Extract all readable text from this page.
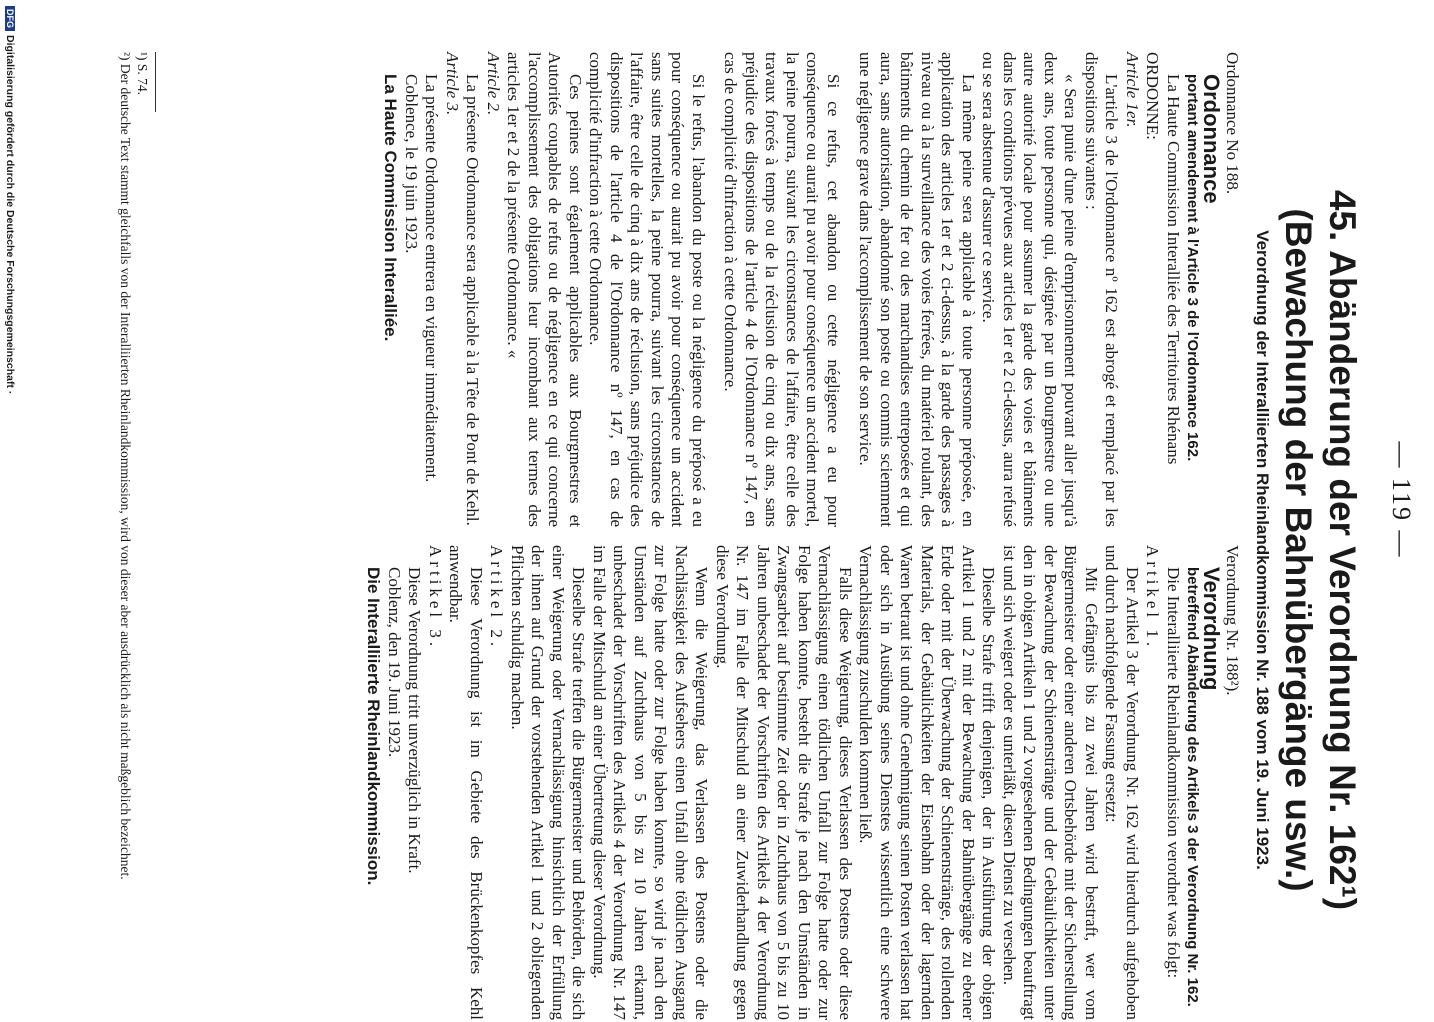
— 119 —
45. Abänderung der Verordnung Nr. 162¹) (Bewachung der Bahnübergänge usw.)
Verordnung der Interalliierten Rheinlandkommission Nr. 188 vom 19. Juni 1923.

Ordonnance No 188.

Ordonnance

portant amendement à l'Article 3 de l'Ordonnance 162.

La Haute Commission Interalliée des Territoires Rhénans

ORDONNE:

Article 1er.

L'article 3 de l'Ordonnance nº 162 est abrogé et remplacé par les dispositions suivantes :

« Sera punie d'une peine d'emprisonnement pouvant aller jusqu'à deux ans, toute personne qui, désignée par un Bourgmestre ou une autre autorité locale pour assumer la garde des voies et bâtiments dans les conditions prévues aux articles 1er et 2 ci-dessus, aura refusé ou se sera abstenue d'assurer ce service.

La même peine sera applicable à toute personne préposée, en application des articles 1er et 2 ci-dessus, à la garde des passages à niveau ou à la surveillance des voies ferrées, du matériel roulant, des bâtiments du chemin de fer ou des marchandises entreposées et qui aura, sans autorisation, abandonné son poste ou commis sciemment une négligence grave dans l'accomplissement de son service.

Si ce refus, cet abandon ou cette négligence a eu pour conséquence ou aurait pu avoir pour conséquence un accident mortel, la peine pourra, suivant les circonstances de l'affaire, être celle des travaux forcés à temps ou de la réclusion de cinq ou dix ans, sans préjudice des dispositions de l'article 4 de l'Ordonnance nº 147, en cas de complicité d'infraction à cette Ordonnance.

Si le refus, l'abandon du poste ou la négligence du préposé a eu pour conséquence ou aurait pu avoir pour conséquence un accident sans suites mortelles, la peine pourra, suivant les circonstances de l'affaire, être celle de cinq à dix ans de réclusion, sans préjudice des dispositions de l'article 4 de l'Ordonnance nº 147, en cas de complicité d'infraction à cette Ordonnance.

Ces peines sont également applicables aux Bourgmestres et Autorités coupables de refus ou de négligence en ce qui concerne l'accomplissement des obligations leur incombant aux termes des articles 1er et 2 de la présente Ordonnance. «

Article 2.

La présente Ordonnance sera applicable à la Tête de Pont de Kehl.

Article 3.

La présente Ordonnance entrera en vigueur immédiatement.

Coblence, le 19 juin 1923.

La Haute Commission Interalliée.

Verordnung Nr. 188²).

Verordnung

betreffend Abänderung des Artikels 3 der Verordnung Nr. 162.

Die Interalliierte Rheinlandkommission verordnet was folgt:

Artikel 1.

Der Artikel 3 der Verordnung Nr. 162 wird hierdurch aufgehoben und durch nachfolgende Fassung ersetzt:

Mit Gefängnis bis zu zwei Jahren wird bestraft, wer vom Bürgermeister oder einer anderen Ortsbehörde mit der Sicherstellung der Bewachung der Schienenstränge und der Gebäulichkeiten unter den in obigen Artikeln 1 und 2 vorgesehenen Bedingungen beauftragt ist und sich weigert oder es unterläßt, diesen Dienst zu versehen.

Dieselbe Strafe trifft denjenigen, der in Ausführung der obigen Artikel 1 und 2 mit der Bewachung der Bahnübergänge zu ebener Erde oder mit der Überwachung der Schienenstränge, des rollenden Materials, der Gebäulichkeiten der Eisenbahn oder der lagernden Waren betraut ist und ohne Genehmigung seinen Posten verlassen hat oder sich in Ausübung seines Dienstes wissentlich eine schwere Vernachlässigung zuschulden kommen ließ.

Falls diese Weigerung, dieses Verlassen des Postens oder diese Vernachlässigung einen tödlichen Unfall zur Folge hatte oder zur Folge haben konnte, besteht die Strafe je nach den Umständen in Zwangsarbeit auf bestimmte Zeit oder in Zuchthaus von 5 bis zu 10 Jahren unbeschadet der Vorschriften des Artikels 4 der Verordnung Nr. 147 im Falle der Mitschuld an einer Zuwiderhandlung gegen diese Verordnung.

Wenn die Weigerung, das Verlassen des Postens oder die Nachlässigkeit des Aufsehers einen Unfall ohne tödlichen Ausgang zur Folge hatte oder zur Folge haben konnte, so wird je nach den Umständen auf Zuchthaus von 5 bis zu 10 Jahren erkannt, unbeschadet der Vorschriften des Artikels 4 der Verordnung Nr. 147 im Falle der Mitschuld an einer Übertretung dieser Verordnung.

Dieselbe Strafe treffen die Bürgermeister und Behörden, die sich einer Weigerung oder Vernachlässigung hinsichtlich der Erfüllung der ihnen auf Grund der vorstehenden Artikel 1 und 2 obliegenden Pflichten schuldig machen.

Artikel 2.

Diese Verordnung ist im Gebiete des Brückenkopfes Kehl anwendbar.

Artikel 3.

Diese Verordnung tritt unverzüglich in Kraft.

Coblenz, den 19. Juni 1923.

Die Interalliierte Rheinlandkommission.

¹) S. 74.

²) Der deutsche Text stammt gleichfalls von der Interalliierten Rheinlandkommission, wird von dieser aber ausdrücklich als nicht maßgeblich bezeichnet.

DFGDigitalisierung gefördert durch die Deutsche Forschungsgemeinschaft ·
